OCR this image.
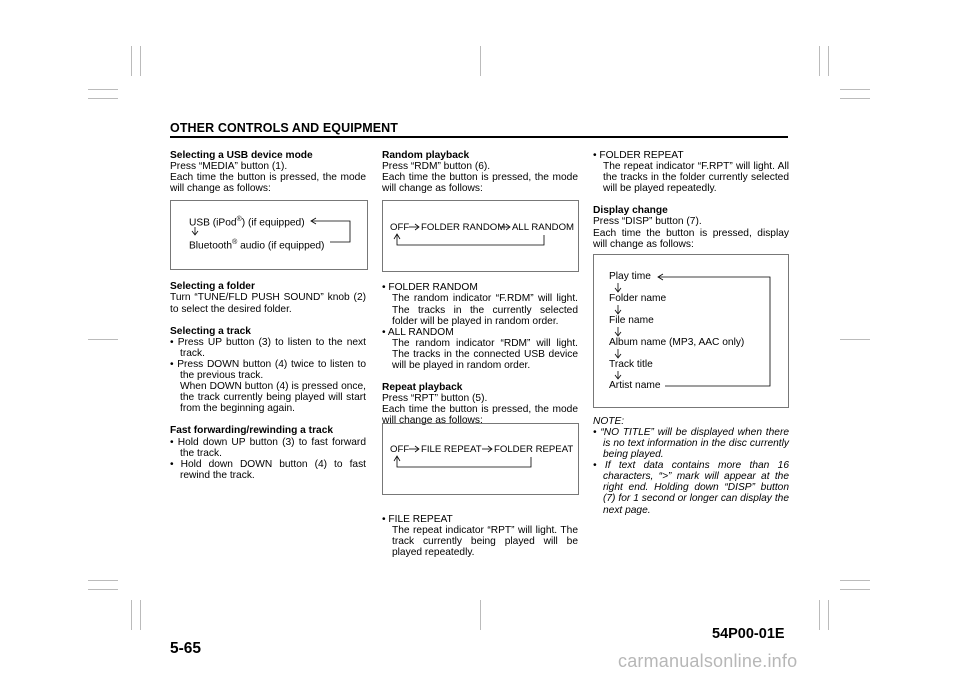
OTHER CONTROLS AND EQUIPMENT

Selecting a USB device mode

Press “MEDIA” button (1).

Each time the button is pressed, the mode will change as follows:

Selecting a folder

Turn “TUNE/FLD PUSH SOUND” knob (2) to select the desired folder.

Selecting a track

• Press UP button (3) to listen to the next track.

• Press DOWN button (4) twice to listen to the previous track.

When DOWN button (4) is pressed once, the track currently being played will start from the beginning again.

Fast forwarding/rewinding a track

• Hold down UP button (3) to fast forward the track.

• Hold down DOWN button (4) to fast rewind the track.

USB (iPod®) (if equipped)
Bluetooth® audio (if equipped)

Random playback

Press “RDM” button (6).

Each time the button is pressed, the mode will change as follows:

• FOLDER RANDOM

The random indicator “F.RDM” will light. The tracks in the currently selected folder will be played in random order.

• ALL RANDOM

The random indicator “RDM” will light. The tracks in the connected USB device will be played in random order.

Repeat playback

Press “RPT” button (5).

Each time the button is pressed, the mode will change as follows:

• FILE REPEAT

The repeat indicator “RPT” will light. The track currently being played will be played repeatedly.

OFF FOLDER RANDOM ALL RANDOM
OFF FILE REPEAT FOLDER REPEAT

• FOLDER REPEAT

The repeat indicator “F.RPT” will light. All the tracks in the folder currently selected will be played repeatedly.

Display change

Press “DISP” button (7).

Each time the button is pressed, display will change as follows:

NOTE:

• “NO TITLE” will be displayed when there is no text information in the disc currently being played.

• If text data contains more than 16 characters, “>” mark will appear at the right end. Holding down “DISP” button (7) for 1 second or longer can display the next page.

Play time
Folder name
File name
Album name (MP3, AAC only)
Track title
Artist name
5-65
54P00-01E
carmanualsonline.info
